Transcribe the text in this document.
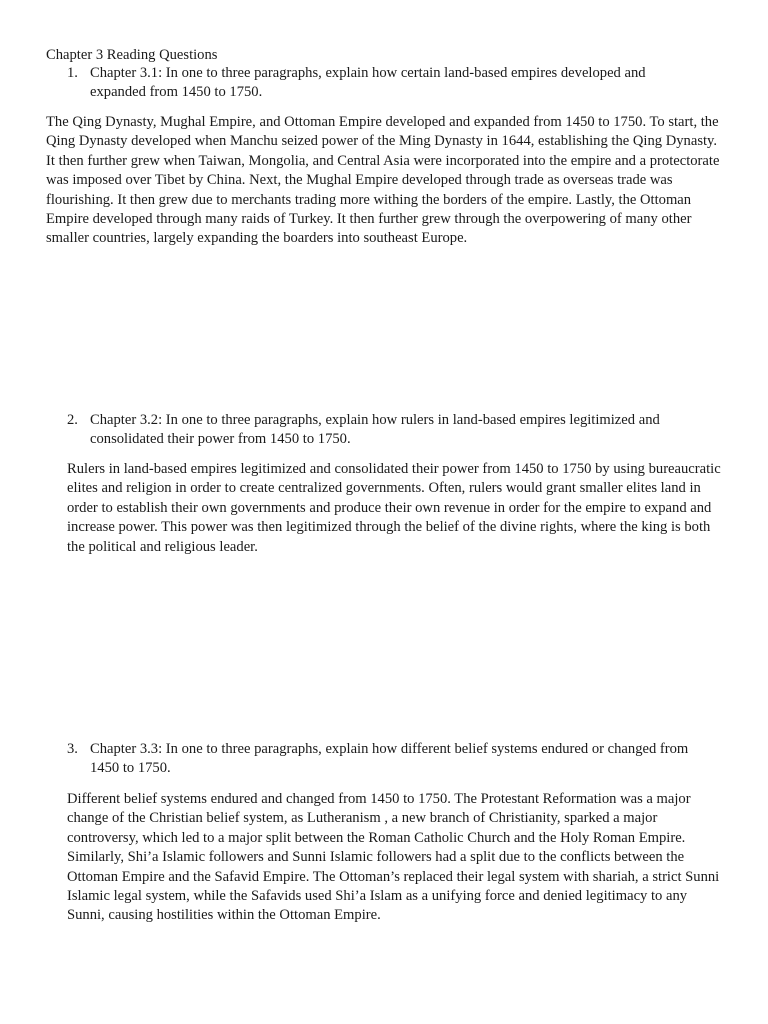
Chapter 3 Reading Questions
1. Chapter 3.1: In one to three paragraphs, explain how certain land-based empires developed and expanded from 1450 to 1750.

The Qing Dynasty, Mughal Empire, and Ottoman Empire developed and expanded from 1450 to 1750. To start, the Qing Dynasty developed when Manchu seized power of the Ming Dynasty in 1644, establishing the Qing Dynasty. It then further grew when Taiwan, Mongolia, and Central Asia were incorporated into the empire and a protectorate was imposed over Tibet by China. Next, the Mughal Empire developed through trade as overseas trade was flourishing. It then grew due to merchants trading more withing the borders of the empire. Lastly, the Ottoman Empire developed through many raids of Turkey. It then further grew through the overpowering of many other smaller countries, largely expanding the boarders into southeast Europe.

2. Chapter 3.2: In one to three paragraphs, explain how rulers in land-based empires legitimized and consolidated their power from 1450 to 1750.

Rulers in land-based empires legitimized and consolidated their power from 1450 to 1750 by using bureaucratic elites and religion in order to create centralized governments. Often, rulers would grant smaller elites land in order to establish their own governments and produce their own revenue in order for the empire to expand and increase power. This power was then legitimized through the belief of the divine rights, where the king is both the political and religious leader.

3. Chapter 3.3: In one to three paragraphs, explain how different belief systems endured or changed from 1450 to 1750.

Different belief systems endured and changed from 1450 to 1750. The Protestant Reformation was a major change of the Christian belief system, as Lutheranism , a new branch of Christianity, sparked a major controversy, which led to a major split between the Roman Catholic Church and the Holy Roman Empire. Similarly, Shi’a Islamic followers and Sunni Islamic followers had a split due to the conflicts between the Ottoman Empire and the Safavid Empire. The Ottoman’s replaced their legal system with shariah, a strict Sunni Islamic legal system, while the Safavids used Shi’a Islam as a unifying force and denied legitimacy to any Sunni, causing hostilities within the Ottoman Empire.
